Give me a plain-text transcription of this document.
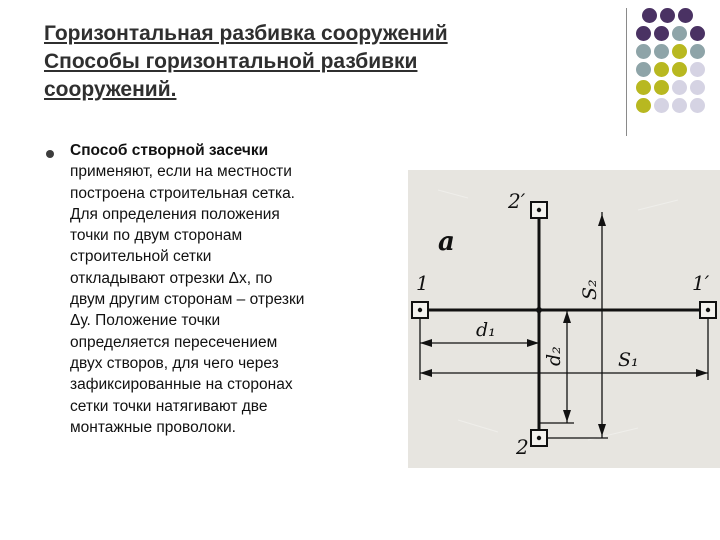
Горизонтальная разбивка сооружений
Способы горизонтальной разбивки
сооружений.
Способ створной засечки
применяют, если на местности
построена строительная сетка.
Для определения положения
точки по двум сторонам
строительной сетки
откладывают отрезки Δх, по
двум другим сторонам – отрезки
Δу. Положение точки
определяется пересечением
двух створов, для чего через
зафиксированные на сторонах
сетки точки натягивают две
монтажные проволоки.
2′
2
1	1′
a
d₁
S₁
d₂
S₂
